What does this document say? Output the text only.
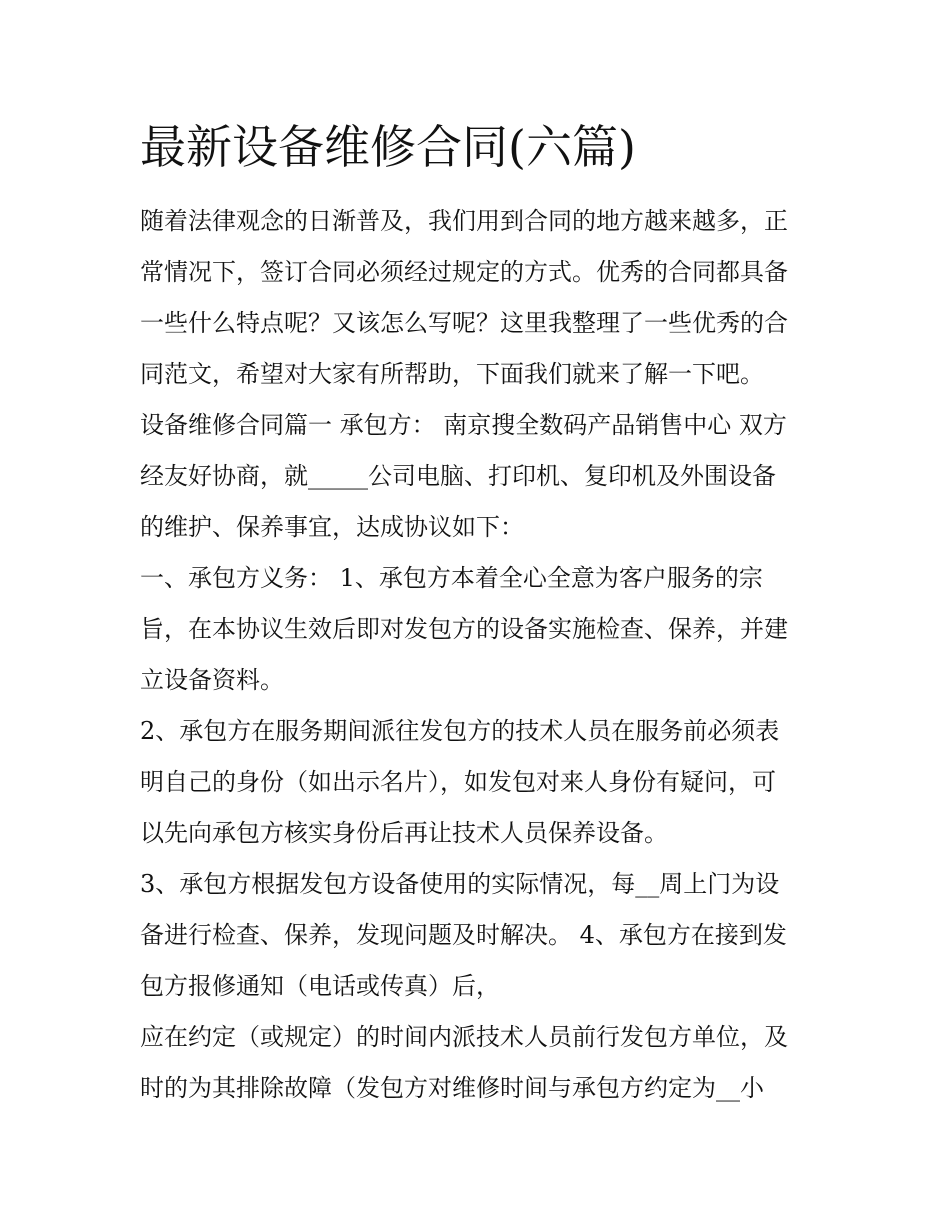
最新设备维修合同(六篇)

随着法律观念的日渐普及，我们用到合同的地方越来越多，正

常情况下，签订合同必须经过规定的方式。优秀的合同都具备

一些什么特点呢？又该怎么写呢？这里我整理了一些优秀的合

同范文，希望对大家有所帮助，下面我们就来了解一下吧。

设备维修合同篇一 承包方： 南京搜全数码产品销售中心 双方

经友好协商，就_____公司电脑、打印机、复印机及外围设备

的维护、保养事宜，达成协议如下：

一、承包方义务： 1、承包方本着全心全意为客户服务的宗

旨，在本协议生效后即对发包方的设备实施检查、保养，并建

立设备资料。

2、承包方在服务期间派往发包方的技术人员在服务前必须表

明自己的身份（如出示名片），如发包对来人身份有疑问，可

以先向承包方核实身份后再让技术人员保养设备。

3、承包方根据发包方设备使用的实际情况，每__周上门为设

备进行检查、保养，发现问题及时解决。 4、承包方在接到发

包方报修通知（电话或传真）后，

应在约定（或规定）的时间内派技术人员前行发包方单位，及

时的为其排除故障（发包方对维修时间与承包方约定为__小
